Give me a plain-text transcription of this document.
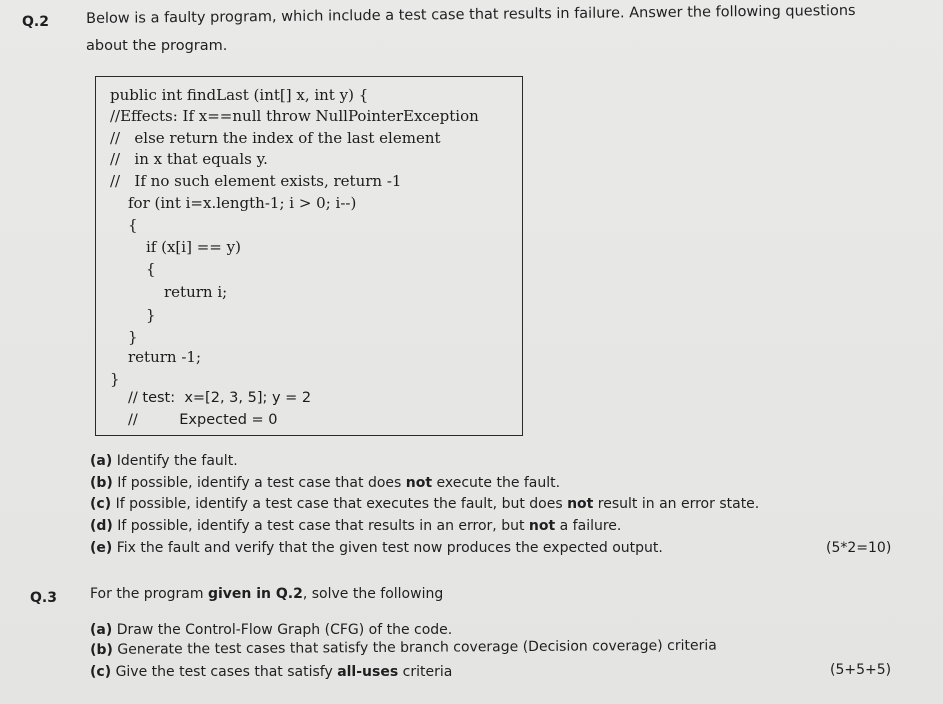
Q.2	Below is a faulty program, which include a test case that results in failure. Answer the following questions
about the program.
public int findLast (int[] x, int y) {
//Effects: If x==null throw NullPointerException
//   else return the index of the last element
//   in x that equals y.
//   If no such element exists, return -1
for (int i=x.length-1; i > 0; i--)
{
if (x[i] == y)
{
return i;
}
}
return -1;
}
// test:  x=[2, 3, 5]; y = 2
//         Expected = 0
(a) Identify the fault.
(b) If possible, identify a test case that does not execute the fault.
(c) If possible, identify a test case that executes the fault, but does not result in an error state.
(d) If possible, identify a test case that results in an error, but not a failure.
(e) Fix the fault and verify that the given test now produces the expected output.	(5*2=10)
Q.3 For the program given in Q.2, solve the following
(a) Draw the Control-Flow Graph (CFG) of the code.
(b) Generate the test cases that satisfy the branch coverage (Decision coverage) criteria
(c) Give the test cases that satisfy all-uses criteria	(5+5+5)
